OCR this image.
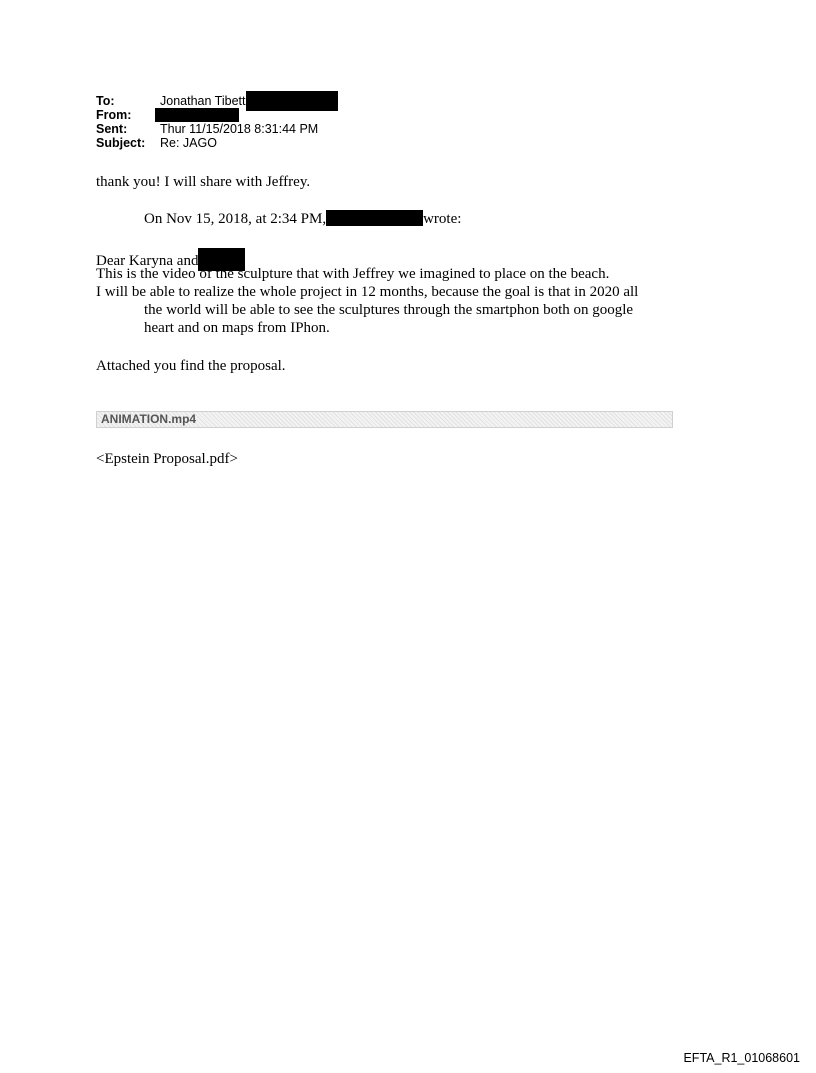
To:	Jonathan Tibett
From:
Sent:	Thur 11/15/2018 8:31:44 PM
Subject:	Re: JAGO
thank you! I will share with Jeffrey.
On Nov 15, 2018, at 2:34 PM,	wrote:
Dear Karyna and
This is the video of the sculpture that with Jeffrey we imagined to place on the beach.
I will be able to realize the whole project in 12 months, because the goal is that in 2020 all
the world will be able to see the sculptures through the smartphon both on google
heart and on maps from IPhon.
Attached you find the proposal.
ANIMATION.mp4
<Epstein Proposal.pdf>
EFTA_R1_01068601
